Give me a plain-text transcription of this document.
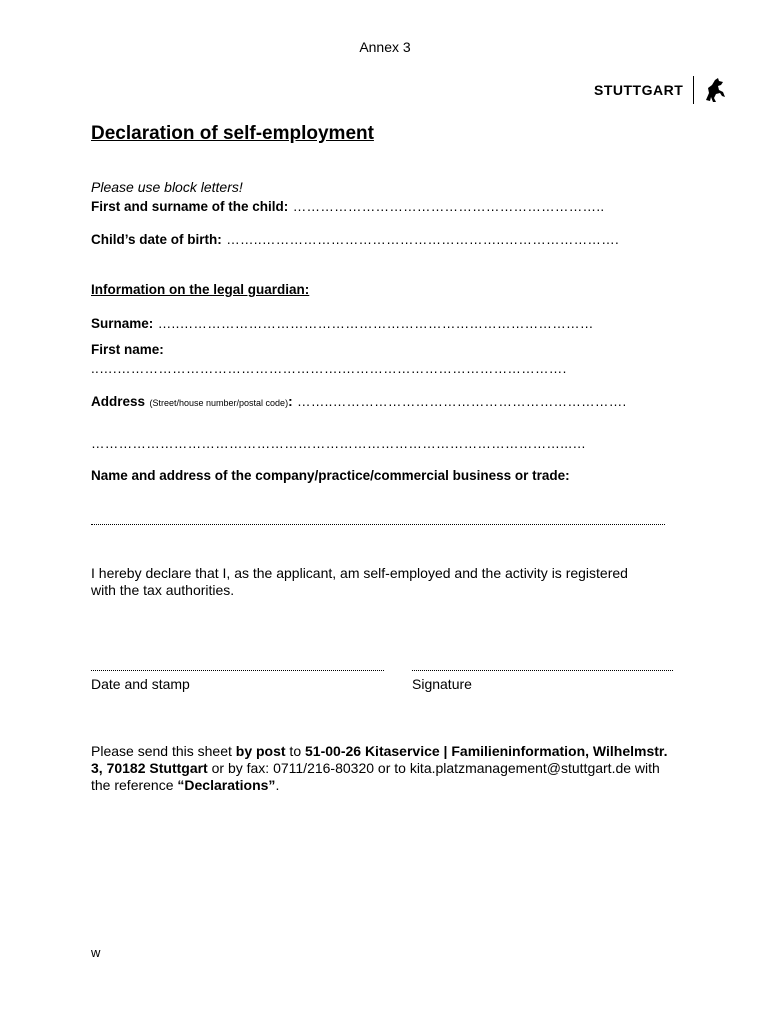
Annex 3
STUTTGART
Declaration of self-employment
Please use block letters!
First and surname of the child: …………………………………………………………..
Child’s date of birth: ……..……………………………………………..…………………….
Information on the legal guardian:
Surname: …..………………………………………………………………………………
First name:
..….………………………………………….………………………………………….
Address (Street/house number/postal code): ……..……………………………………………………….
…………………………………………………………………………………………...…
Name and address of the company/practice/commercial business or trade:
I hereby declare that I, as the applicant, am self-employed and the activity is registered with the tax authorities.
Date and stamp	Signature
Please send this sheet by post to 51-00-26 Kitaservice | Familieninformation, Wilhelmstr. 3, 70182 Stuttgart or by fax: 0711/216-80320 or to kita.platzmanagement@stuttgart.de with the reference “Declarations”.
w
